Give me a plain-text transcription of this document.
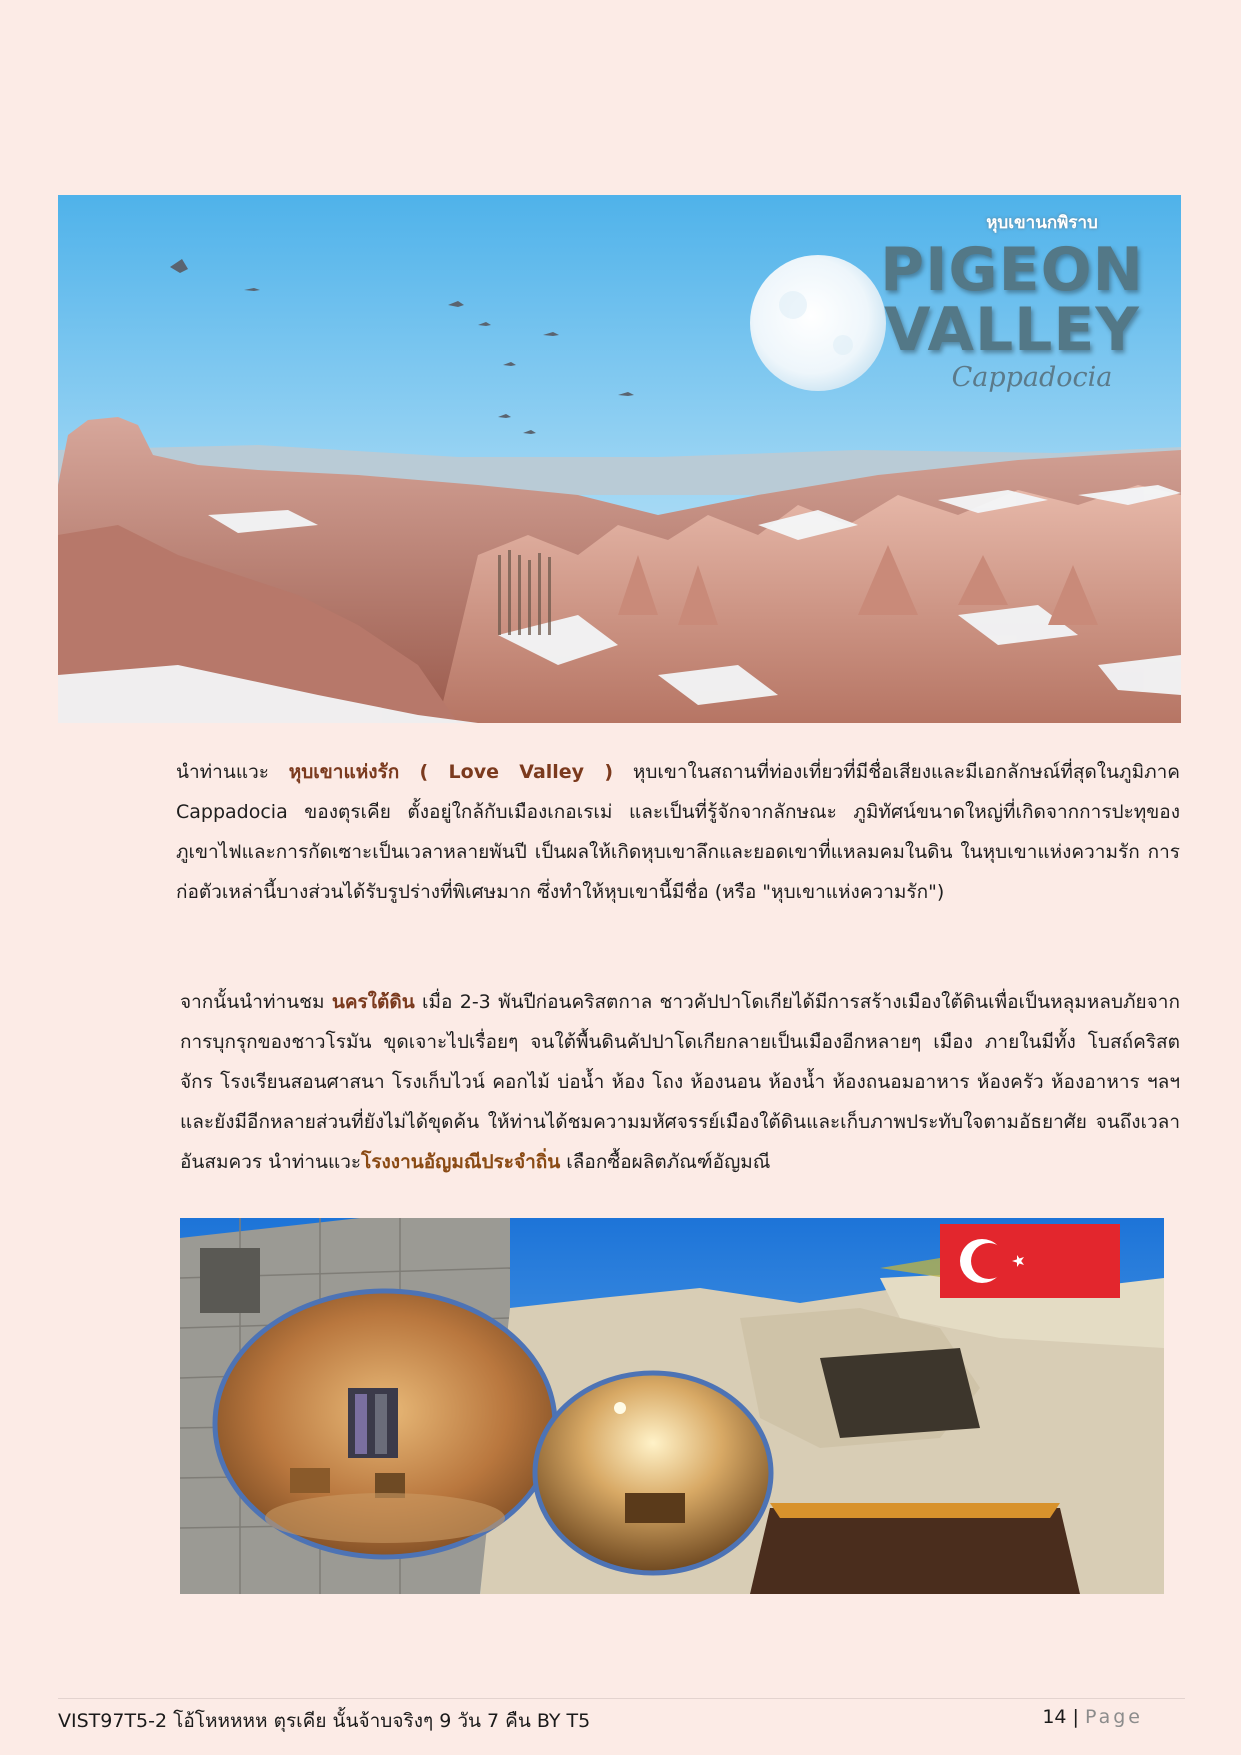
หุบเขานกพิราบ
PIGEON
VALLEY
Cappadocia

นำท่านแวะ หุบเขาแห่งรัก ( Love Valley ) หุบเขาในสถานที่ท่องเที่ยวที่มีชื่อเสียงและมีเอกลักษณ์ที่สุดในภูมิภาค Cappadocia ของตุรเคีย ตั้งอยู่ใกล้กับเมืองเกอเรเม่ และเป็นที่รู้จักจากลักษณะ ภูมิทัศน์ขนาดใหญ่ที่เกิดจากการปะทุของภูเขาไฟและการกัดเซาะเป็นเวลาหลายพันปี เป็นผลให้เกิดหุบเขาลึกและยอดเขาที่แหลมคมในดิน ในหุบเขาแห่งความรัก การก่อตัวเหล่านี้บางส่วนได้รับรูปร่างที่พิเศษมาก ซึ่งทำให้หุบเขานี้มีชื่อ (หรือ "หุบเขาแห่งความรัก")

จากนั้นนำท่านชม นครใต้ดิน เมื่อ 2-3 พันปีก่อนคริสตกาล ชาวคัปปาโดเกียได้มีการสร้างเมืองใต้ดินเพื่อเป็นหลุมหลบภัยจากการบุกรุกของชาวโรมัน ขุดเจาะไปเรื่อยๆ จนใต้พื้นดินคัปปาโดเกียกลายเป็นเมืองอีกหลายๆ เมือง ภายในมีทั้ง โบสถ์คริสตจักร โรงเรียนสอนศาสนา โรงเก็บไวน์ คอกไม้ บ่อน้ำ ห้อง โถง ห้องนอน ห้องน้ำ ห้องถนอมอาหาร ห้องครัว ห้องอาหาร ฯลฯ และยังมีอีกหลายส่วนที่ยังไม่ได้ขุดค้น ให้ท่านได้ชมความมหัศจรรย์เมืองใต้ดินและเก็บภาพประทับใจตามอัธยาศัย จนถึงเวลาอันสมควร นำท่านแวะโรงงานอัญมณีประจำถิ่น เลือกซื้อผลิตภัณฑ์อัญมณี

VIST97T5-2 โอ้โหหหหห ตุรเคีย นั้นจ้าบจริงๆ 9 วัน 7 คืน BY T5	14 | Page
